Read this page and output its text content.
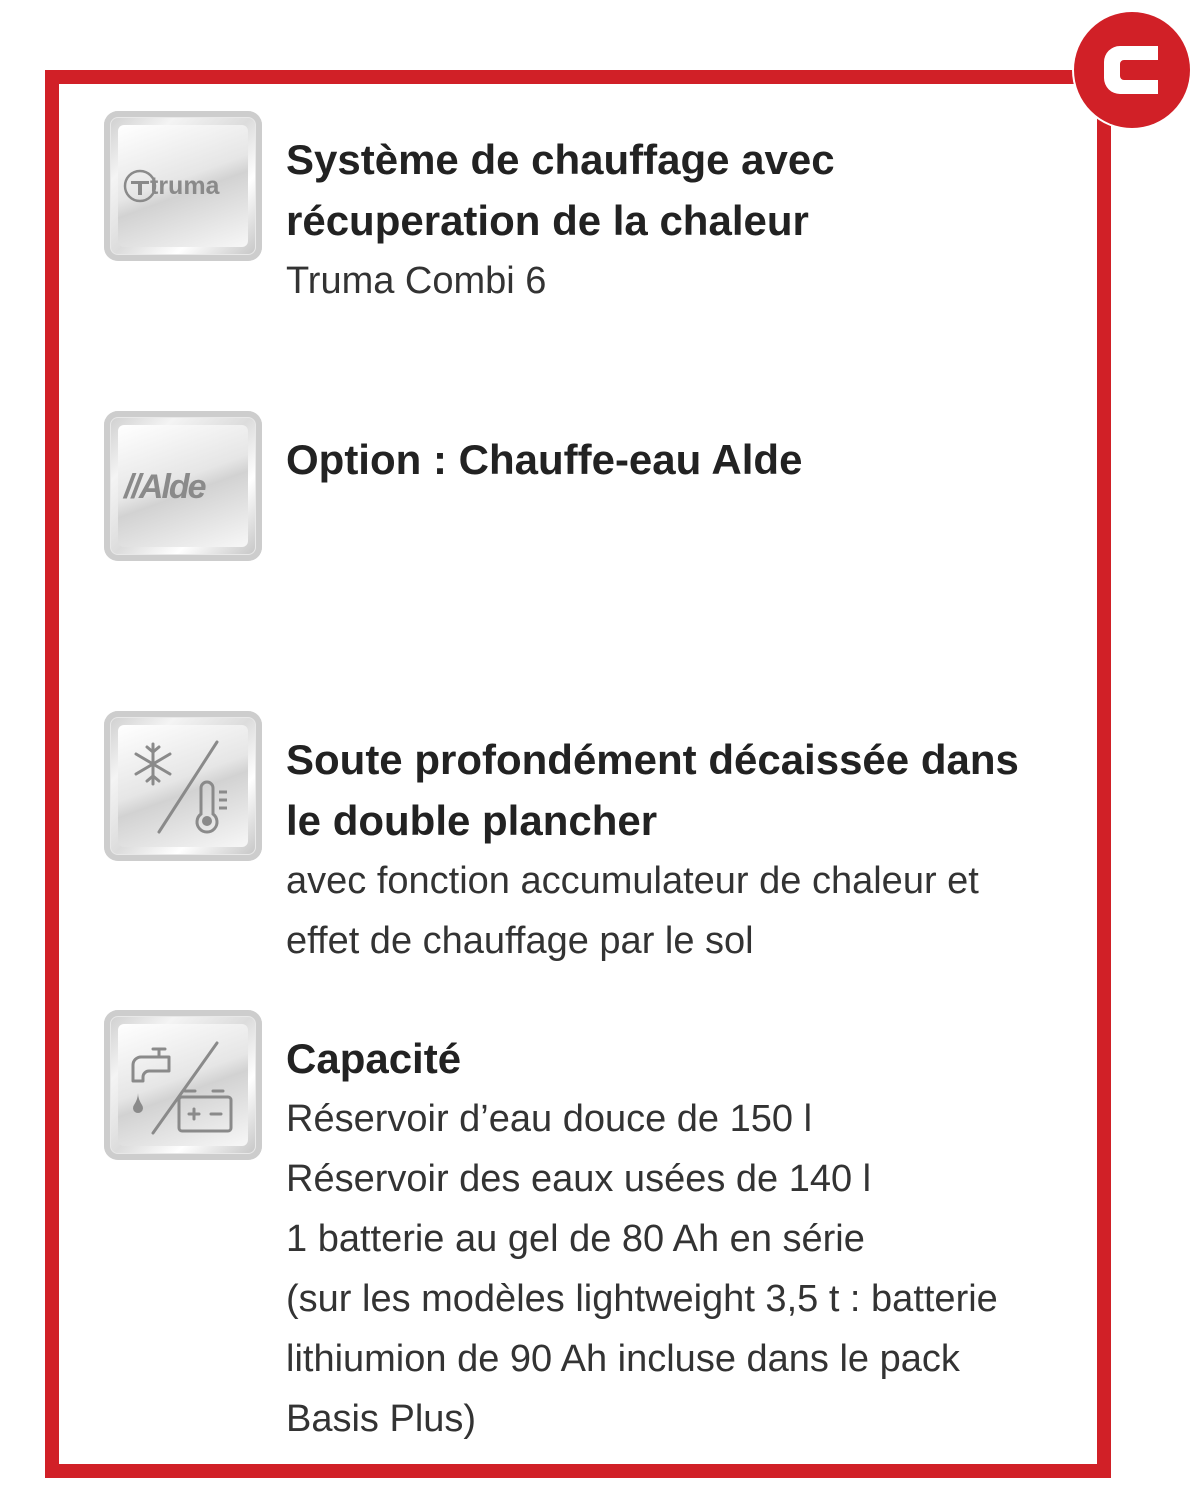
truma

Système de chauffage avec

récuperation de la chaleur

Truma Combi 6

//Alde

Option : Chauffe-eau Alde

Soute profondément décaissée dans

le double plancher

avec fonction accumulateur de chaleur et

effet de chauffage par le sol

Capacité

Réservoir d’eau douce de 150 l

Réservoir des eaux usées de 140 l

1 batterie au gel de 80 Ah en série

(sur les modèles lightweight 3,5 t : batterie

lithiumion de 90 Ah incluse dans le pack

Basis Plus)
